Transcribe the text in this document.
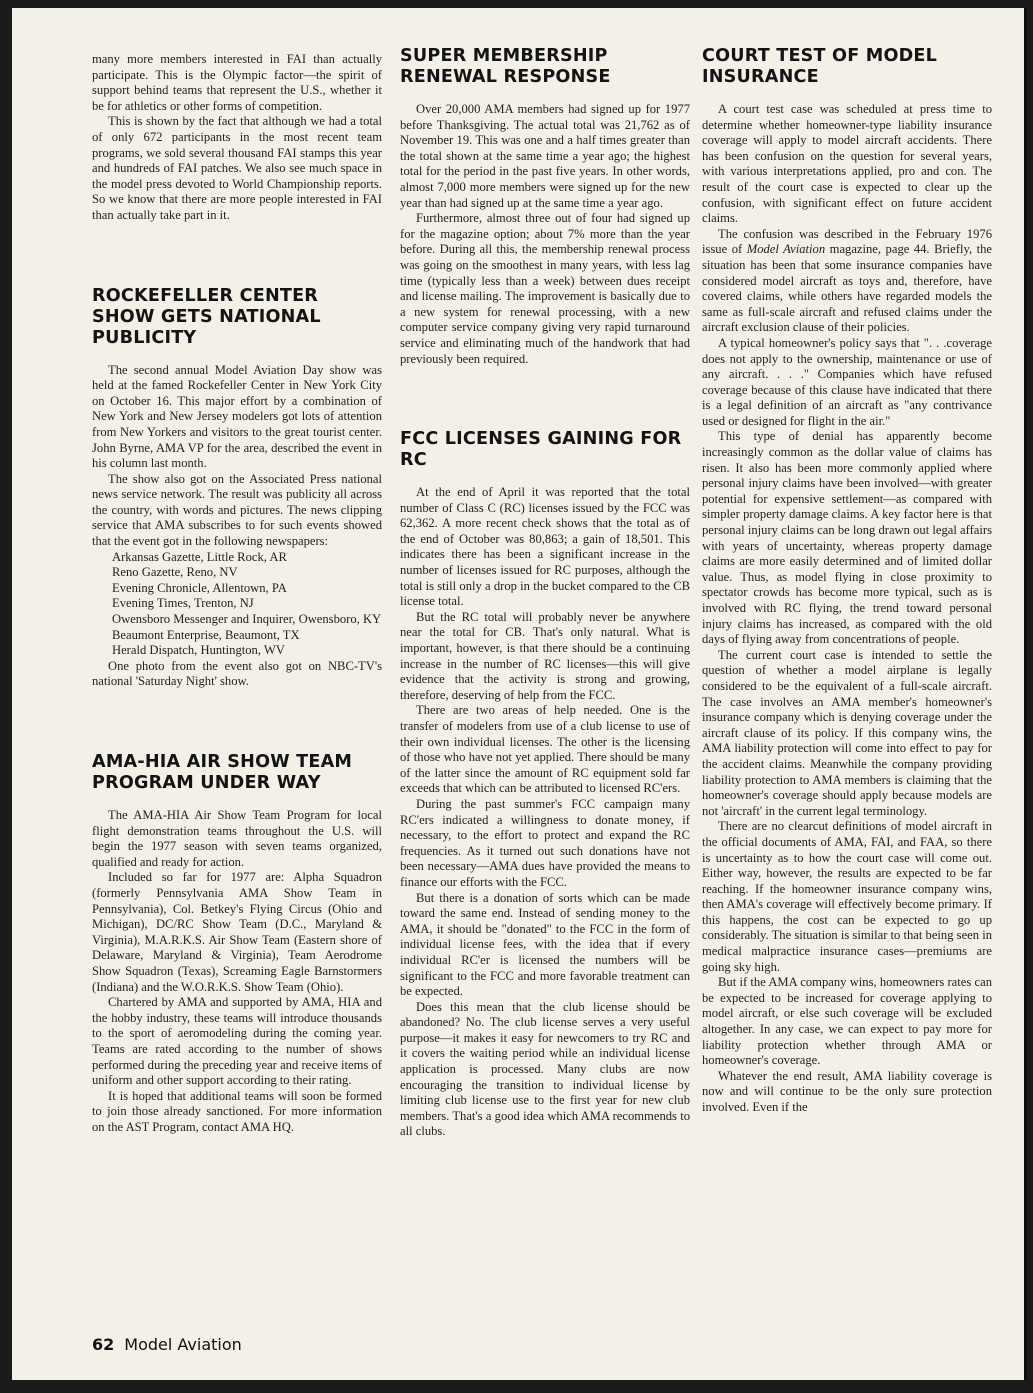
many more members interested in FAI than actually participate. This is the Olympic factor—the spirit of support behind teams that represent the U.S., whether it be for athletics or other forms of competition.

This is shown by the fact that although we had a total of only 672 participants in the most recent team programs, we sold several thousand FAI stamps this year and hundreds of FAI patches. We also see much space in the model press devoted to World Championship reports. So we know that there are more people interested in FAI than actually take part in it.

ROCKEFELLER CENTER SHOW GETS NATIONAL PUBLICITY

The second annual Model Aviation Day show was held at the famed Rockefeller Center in New York City on October 16. This major effort by a combination of New York and New Jersey modelers got lots of attention from New Yorkers and visitors to the great tourist center. John Byrne, AMA VP for the area, described the event in his column last month.

The show also got on the Associated Press national news service network. The result was publicity all across the country, with words and pictures. The news clipping service that AMA subscribes to for such events showed that the event got in the following newspapers:

Arkansas Gazette, Little Rock, AR
Reno Gazette, Reno, NV
Evening Chronicle, Allentown, PA
Evening Times, Trenton, NJ
Owensboro Messenger and Inquirer, Owensboro, KY
Beaumont Enterprise, Beaumont, TX
Herald Dispatch, Huntington, WV

One photo from the event also got on NBC-TV's national 'Saturday Night' show.

AMA-HIA AIR SHOW TEAM PROGRAM UNDER WAY

The AMA-HIA Air Show Team Program for local flight demonstration teams throughout the U.S. will begin the 1977 season with seven teams organized, qualified and ready for action.

Included so far for 1977 are: Alpha Squadron (formerly Pennsylvania AMA Show Team in Pennsylvania), Col. Betkey's Flying Circus (Ohio and Michigan), DC/RC Show Team (D.C., Maryland & Virginia), M.A.R.K.S. Air Show Team (Eastern shore of Delaware, Maryland & Virginia), Team Aerodrome Show Squadron (Texas), Screaming Eagle Barnstormers (Indiana) and the W.O.R.K.S. Show Team (Ohio).

Chartered by AMA and supported by AMA, HIA and the hobby industry, these teams will introduce thousands to the sport of aeromodeling during the coming year. Teams are rated according to the number of shows performed during the preceding year and receive items of uniform and other support according to their rating.

It is hoped that additional teams will soon be formed to join those already sanctioned. For more information on the AST Program, contact AMA HQ.

SUPER MEMBERSHIP RENEWAL RESPONSE

Over 20,000 AMA members had signed up for 1977 before Thanksgiving. The actual total was 21,762 as of November 19. This was one and a half times greater than the total shown at the same time a year ago; the highest total for the period in the past five years. In other words, almost 7,000 more members were signed up for the new year than had signed up at the same time a year ago.

Furthermore, almost three out of four had signed up for the magazine option; about 7% more than the year before. During all this, the membership renewal process was going on the smoothest in many years, with less lag time (typically less than a week) between dues receipt and license mailing. The improvement is basically due to a new system for renewal processing, with a new computer service company giving very rapid turnaround service and eliminating much of the handwork that had previously been required.

FCC LICENSES GAINING FOR RC

At the end of April it was reported that the total number of Class C (RC) licenses issued by the FCC was 62,362. A more recent check shows that the total as of the end of October was 80,863; a gain of 18,501. This indicates there has been a significant increase in the number of licenses issued for RC purposes, although the total is still only a drop in the bucket compared to the CB license total.

But the RC total will probably never be anywhere near the total for CB. That's only natural. What is important, however, is that there should be a continuing increase in the number of RC licenses—this will give evidence that the activity is strong and growing, therefore, deserving of help from the FCC.

There are two areas of help needed. One is the transfer of modelers from use of a club license to use of their own individual licenses. The other is the licensing of those who have not yet applied. There should be many of the latter since the amount of RC equipment sold far exceeds that which can be attributed to licensed RC'ers.

During the past summer's FCC campaign many RC'ers indicated a willingness to donate money, if necessary, to the effort to protect and expand the RC frequencies. As it turned out such donations have not been necessary—AMA dues have provided the means to finance our efforts with the FCC.

But there is a donation of sorts which can be made toward the same end. Instead of sending money to the AMA, it should be "donated" to the FCC in the form of individual license fees, with the idea that if every individual RC'er is licensed the numbers will be significant to the FCC and more favorable treatment can be expected.

Does this mean that the club license should be abandoned? No. The club license serves a very useful purpose—it makes it easy for newcomers to try RC and it covers the waiting period while an individual license application is processed. Many clubs are now encouraging the transition to individual license by limiting club license use to the first year for new club members. That's a good idea which AMA recommends to all clubs.

COURT TEST OF MODEL INSURANCE

A court test case was scheduled at press time to determine whether homeowner-type liability insurance coverage will apply to model aircraft accidents. There has been confusion on the question for several years, with various interpretations applied, pro and con. The result of the court case is expected to clear up the confusion, with significant effect on future accident claims.

The confusion was described in the February 1976 issue of Model Aviation magazine, page 44. Briefly, the situation has been that some insurance companies have considered model aircraft as toys and, therefore, have covered claims, while others have regarded models the same as full-scale aircraft and refused claims under the aircraft exclusion clause of their policies.

A typical homeowner's policy says that ". . .coverage does not apply to the ownership, maintenance or use of any aircraft. . . ." Companies which have refused coverage because of this clause have indicated that there is a legal definition of an aircraft as "any contrivance used or designed for flight in the air."

This type of denial has apparently become increasingly common as the dollar value of claims has risen. It also has been more commonly applied where personal injury claims have been involved—with greater potential for expensive settlement—as compared with simpler property damage claims. A key factor here is that personal injury claims can be long drawn out legal affairs with years of uncertainty, whereas property damage claims are more easily determined and of limited dollar value. Thus, as model flying in close proximity to spectator crowds has become more typical, such as is involved with RC flying, the trend toward personal injury claims has increased, as compared with the old days of flying away from concentrations of people.

The current court case is intended to settle the question of whether a model airplane is legally considered to be the equivalent of a full-scale aircraft. The case involves an AMA member's homeowner's insurance company which is denying coverage under the aircraft clause of its policy. If this company wins, the AMA liability protection will come into effect to pay for the accident claims. Meanwhile the company providing liability protection to AMA members is claiming that the homeowner's coverage should apply because models are not 'aircraft' in the current legal terminology.

There are no clearcut definitions of model aircraft in the official documents of AMA, FAI, and FAA, so there is uncertainty as to how the court case will come out. Either way, however, the results are expected to be far reaching. If the homeowner insurance company wins, then AMA's coverage will effectively become primary. If this happens, the cost can be expected to go up considerably. The situation is similar to that being seen in medical malpractice insurance cases—premiums are going sky high.

But if the AMA company wins, homeowners rates can be expected to be increased for coverage applying to model aircraft, or else such coverage will be excluded altogether. In any case, we can expect to pay more for liability protection whether through AMA or homeowner's coverage.

Whatever the end result, AMA liability coverage is now and will continue to be the only sure protection involved. Even if the

62 Model Aviation
